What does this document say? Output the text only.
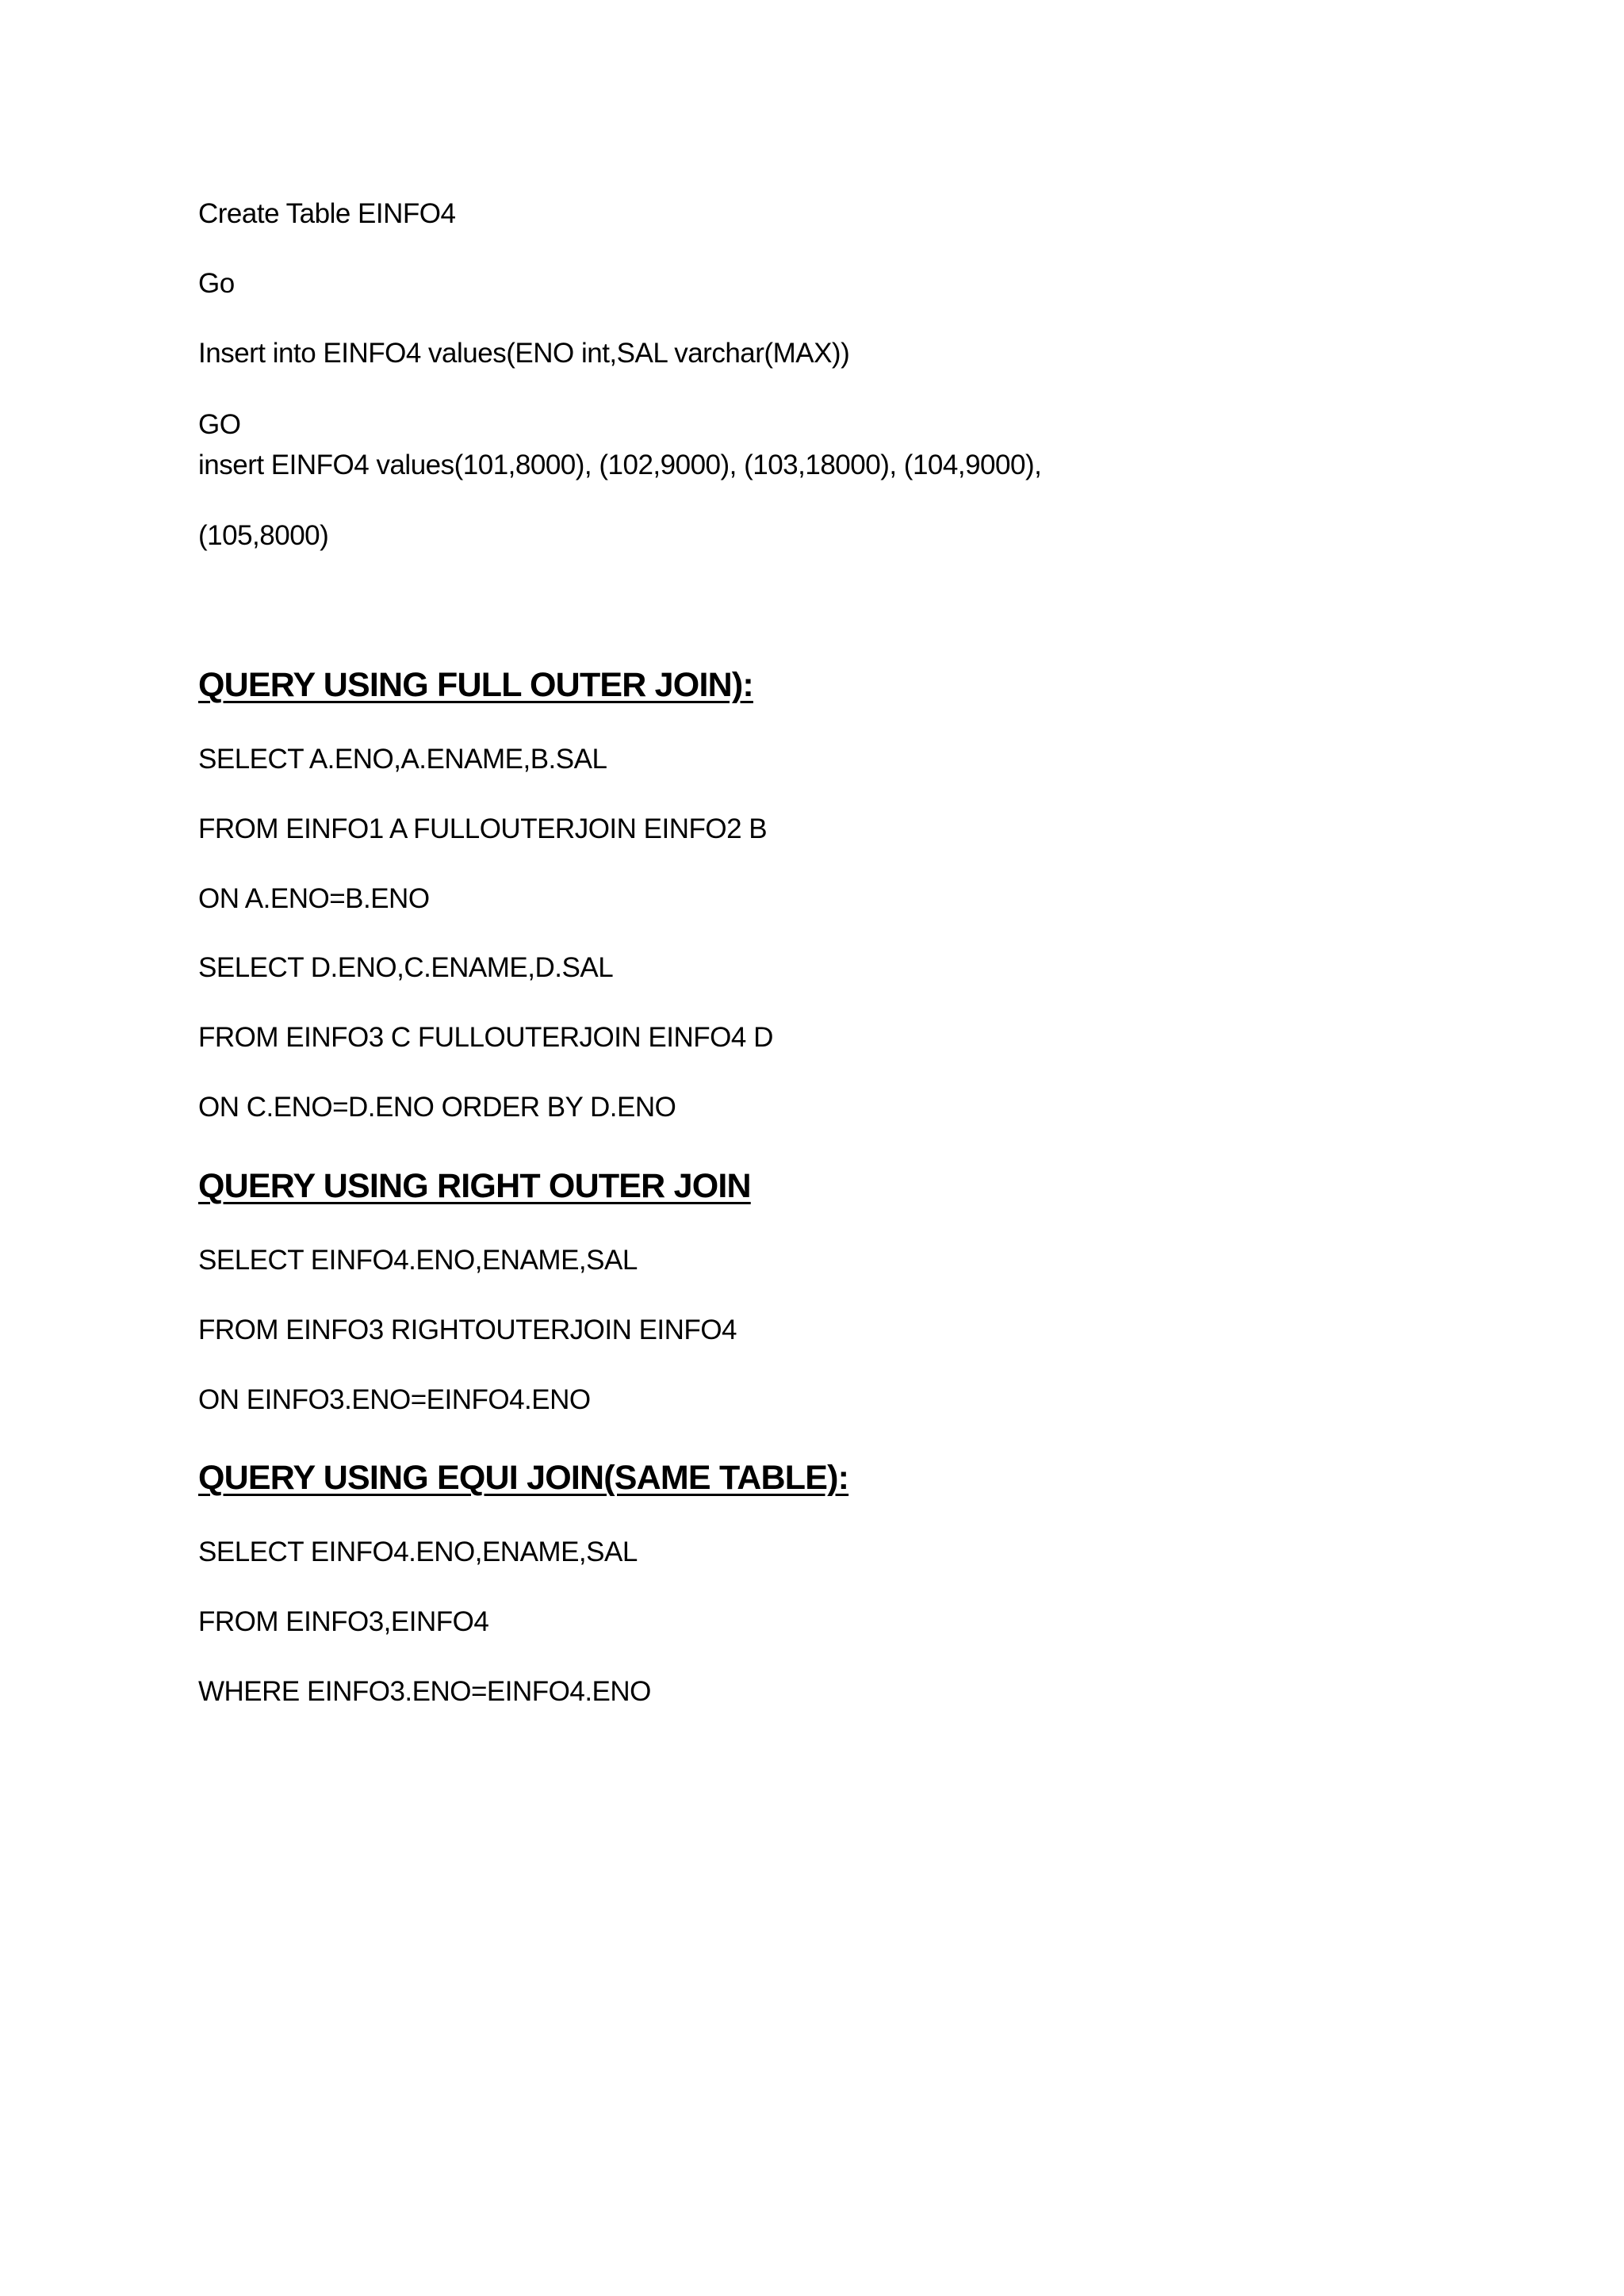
Create Table EINFO4
Go
Insert into EINFO4 values(ENO int,SAL varchar(MAX))
GO
insert EINFO4 values(101,8000), (102,9000), (103,18000), (104,9000),
(105,8000)
QUERY USING FULL OUTER JOIN):
SELECT A.ENO,A.ENAME,B.SAL
FROM EINFO1 A FULLOUTERJOIN EINFO2 B
ON A.ENO=B.ENO
SELECT D.ENO,C.ENAME,D.SAL
FROM EINFO3 C FULLOUTERJOIN EINFO4 D
ON C.ENO=D.ENO ORDER BY D.ENO
QUERY USING RIGHT OUTER JOIN
SELECT EINFO4.ENO,ENAME,SAL
FROM EINFO3 RIGHTOUTERJOIN EINFO4
ON EINFO3.ENO=EINFO4.ENO
QUERY USING EQUI JOIN(SAME TABLE):
SELECT EINFO4.ENO,ENAME,SAL
FROM EINFO3,EINFO4
WHERE EINFO3.ENO=EINFO4.ENO
